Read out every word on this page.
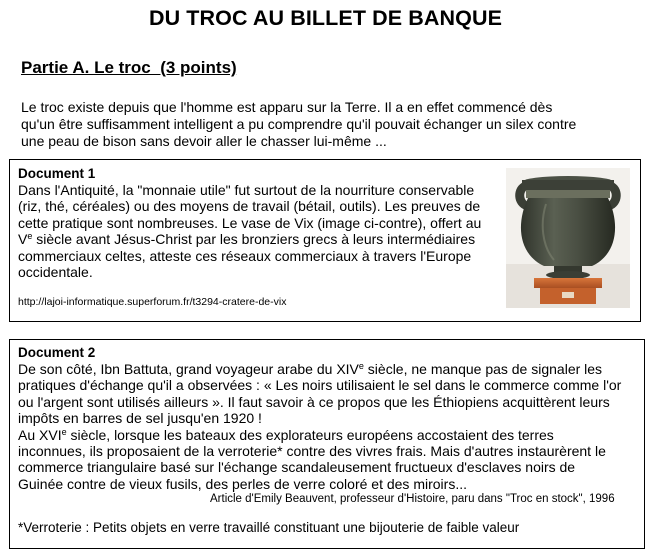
DU TROC AU BILLET DE BANQUE
Partie A. Le troc  (3 points)
Le troc existe depuis que l'homme est apparu sur la Terre. Il a en effet commencé dès
qu'un être suffisamment intelligent a pu comprendre qu'il pouvait échanger un silex contre
une peau de bison sans devoir aller le chasser lui-même ...
Document 1
Dans l'Antiquité, la "monnaie utile" fut surtout de la nourriture conservable
(riz, thé, céréales) ou des moyens de travail (bétail, outils). Les preuves de
cette pratique sont nombreuses. Le vase de Vix (image ci-contre), offert au
Ve siècle avant Jésus-Christ par les bronziers grecs à leurs intermédiaires
commerciaux celtes, atteste ces réseaux commerciaux à travers l'Europe
occidentale.
http://lajoi-informatique.superforum.fr/t3294-cratere-de-vix
Document 2
De son côté, Ibn Battuta, grand voyageur arabe du XIVe siècle, ne manque pas de signaler les
pratiques d'échange qu'il a observées : « Les noirs utilisaient le sel dans le commerce comme l'or
ou l'argent sont utilisés ailleurs ». Il faut savoir à ce propos que les Éthiopiens acquittèrent leurs
impôts en barres de sel jusqu'en 1920 !
Au XVIe siècle, lorsque les bateaux des explorateurs européens accostaient des terres
inconnues, ils proposaient de la verroterie* contre des vivres frais. Mais d'autres instaurèrent le
commerce triangulaire basé sur l'échange scandaleusement fructueux d'esclaves noirs de
Guinée contre de vieux fusils, des perles de verre coloré et des miroirs...
Article d'Emily Beauvent, professeur d'Histoire, paru dans "Troc en stock", 1996
*Verroterie : Petits objets en verre travaillé constituant une bijouterie de faible valeur
